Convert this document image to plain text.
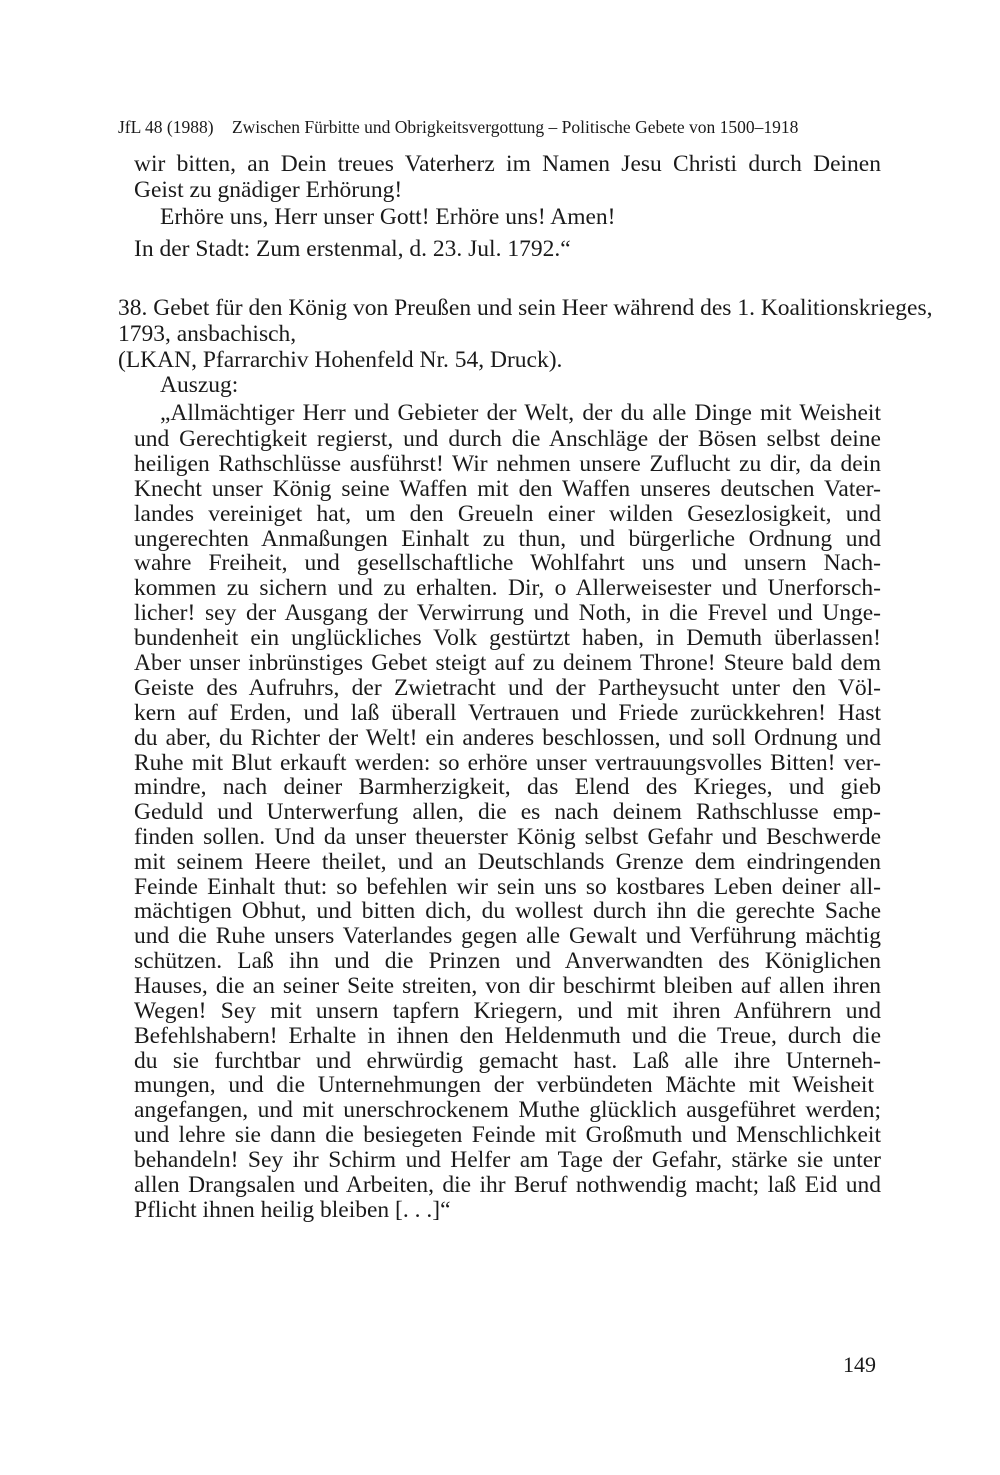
JfL 48 (1988) Zwischen Fürbitte und Obrigkeitsvergottung – Politische Gebete von 1500–1918
wir bitten, an Dein treues Vaterherz im Namen Jesu Christi durch Deinen
Geist zu gnädiger Erhörung!
Erhöre uns, Herr unser Gott! Erhöre uns! Amen!
In der Stadt: Zum erstenmal, d. 23. Jul. 1792.“
38. Gebet für den König von Preußen und sein Heer während des 1. Koalitionskrieges,
1793, ansbachisch,
(LKAN, Pfarrarchiv Hohenfeld Nr. 54, Druck).
Auszug:
„Allmächtiger Herr und Gebieter der Welt, der du alle Dinge mit Weisheit
und Gerechtigkeit regierst, und durch die Anschläge der Bösen selbst deine
heiligen Rathschlüsse ausführst! Wir nehmen unsere Zuflucht zu dir, da dein
Knecht unser König seine Waffen mit den Waffen unseres deutschen Vater-
landes vereiniget hat, um den Greueln einer wilden Gesezlosigkeit, und
ungerechten Anmaßungen Einhalt zu thun, und bürgerliche Ordnung und
wahre Freiheit, und gesellschaftliche Wohlfahrt uns und unsern Nach-
kommen zu sichern und zu erhalten. Dir, o Allerweisester und Unerforsch-
licher! sey der Ausgang der Verwirrung und Noth, in die Frevel und Unge-
bundenheit ein unglückliches Volk gestürtzt haben, in Demuth überlassen!
Aber unser inbrünstiges Gebet steigt auf zu deinem Throne! Steure bald dem
Geiste des Aufruhrs, der Zwietracht und der Partheysucht unter den Völ-
kern auf Erden, und laß überall Vertrauen und Friede zurückkehren! Hast
du aber, du Richter der Welt! ein anderes beschlossen, und soll Ordnung und
Ruhe mit Blut erkauft werden: so erhöre unser vertrauungsvolles Bitten! ver-
mindre, nach deiner Barmherzigkeit, das Elend des Krieges, und gieb
Geduld und Unterwerfung allen, die es nach deinem Rathschlusse emp-
finden sollen. Und da unser theuerster König selbst Gefahr und Beschwerde
mit seinem Heere theilet, und an Deutschlands Grenze dem eindringenden
Feinde Einhalt thut: so befehlen wir sein uns so kostbares Leben deiner all-
mächtigen Obhut, und bitten dich, du wollest durch ihn die gerechte Sache
und die Ruhe unsers Vaterlandes gegen alle Gewalt und Verführung mächtig
schützen. Laß ihn und die Prinzen und Anverwandten des Königlichen
Hauses, die an seiner Seite streiten, von dir beschirmt bleiben auf allen ihren
Wegen! Sey mit unsern tapfern Kriegern, und mit ihren Anführern und
Befehlshabern! Erhalte in ihnen den Heldenmuth und die Treue, durch die
du sie furchtbar und ehrwürdig gemacht hast. Laß alle ihre Unterneh-
mungen, und die Unternehmungen der verbündeten Mächte mit Weisheit
angefangen, und mit unerschrockenem Muthe glücklich ausgeführet werden;
und lehre sie dann die besiegeten Feinde mit Großmuth und Menschlichkeit
behandeln! Sey ihr Schirm und Helfer am Tage der Gefahr, stärke sie unter
allen Drangsalen und Arbeiten, die ihr Beruf nothwendig macht; laß Eid und
Pflicht ihnen heilig bleiben [. . .]“
149
